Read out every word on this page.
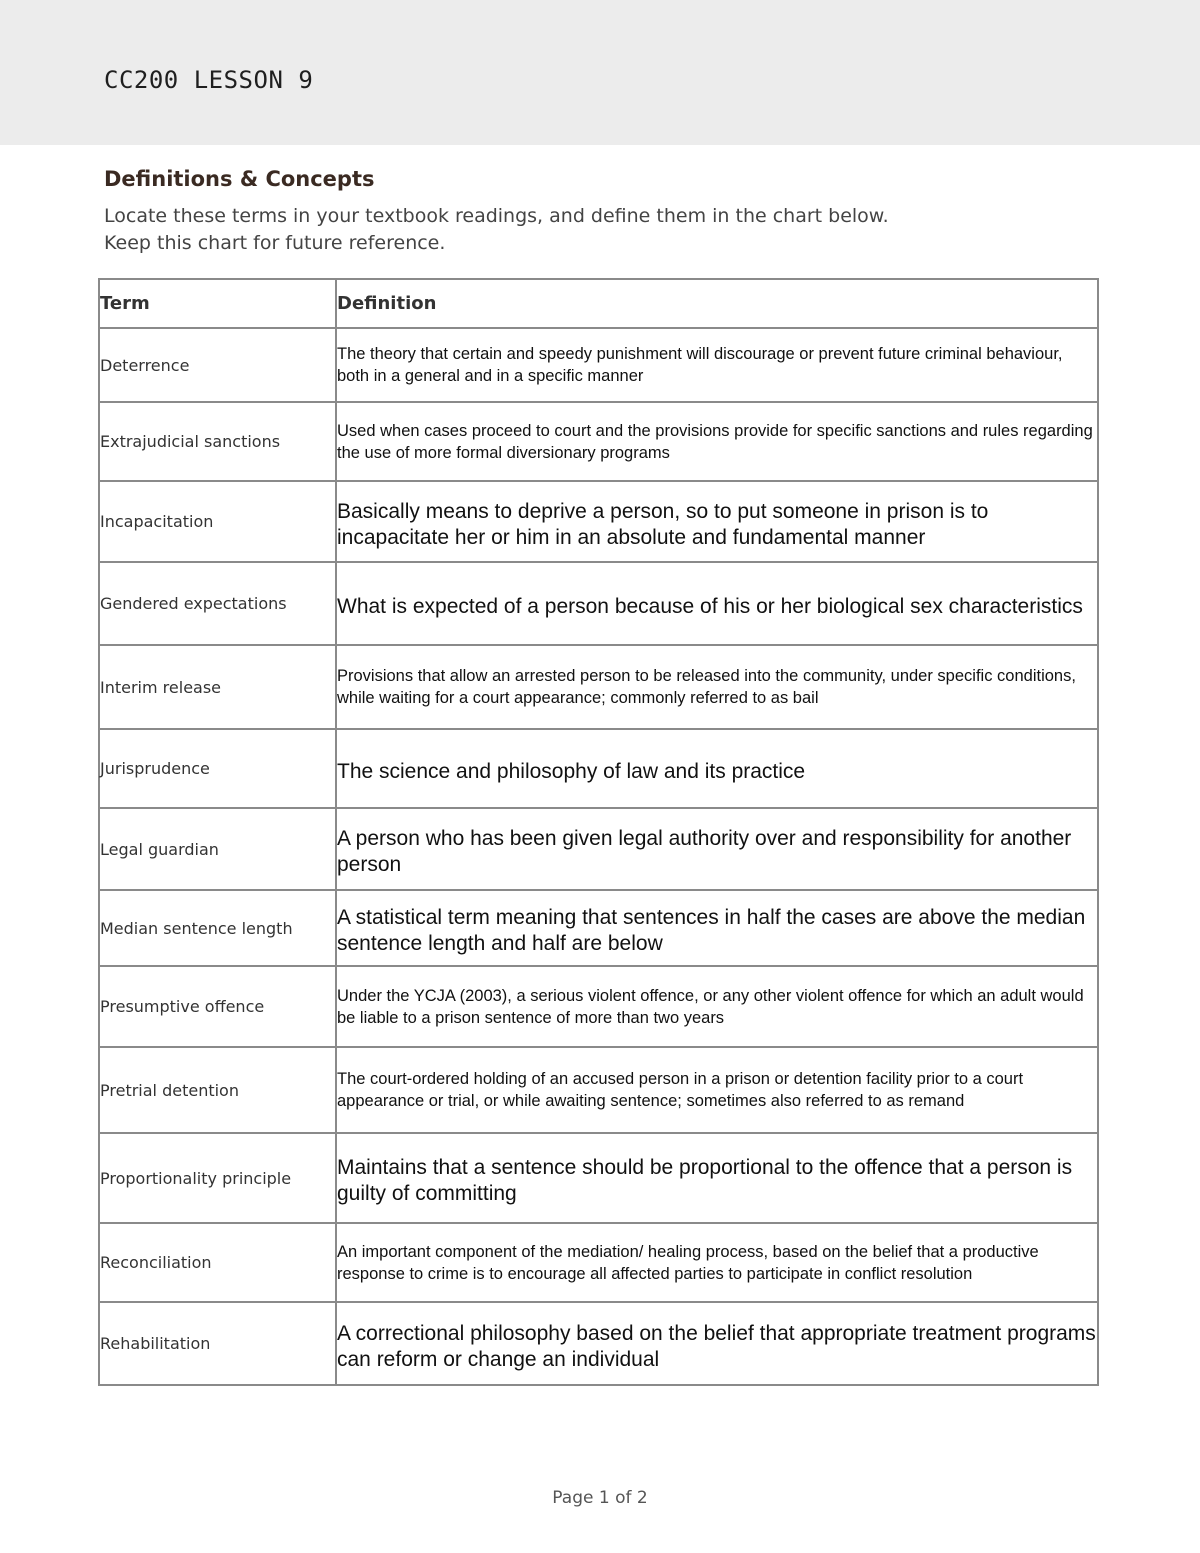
CC200 LESSON 9
Definitions & Concepts
Locate these terms in your textbook readings, and define them in the chart below.
Keep this chart for future reference.
Term	Definition
Deterrence	The theory that certain and speedy punishment will discourage or prevent future criminal behaviour, both in a general and in a specific manner
Extrajudicial sanctions	Used when cases proceed to court and the provisions provide for specific sanctions and rules regarding the use of more formal diversionary programs
Incapacitation	Basically means to deprive a person, so to put someone in prison is to incapacitate her or him in an absolute and fundamental manner
Gendered expectations	What is expected of a person because of his or her biological sex characteristics
Interim release	Provisions that allow an arrested person to be released into the community, under specific conditions, while waiting for a court appearance; commonly referred to as bail
Jurisprudence	The science and philosophy of law and its practice
Legal guardian	A person who has been given legal authority over and responsibility for another person
Median sentence length	A statistical term meaning that sentences in half the cases are above the median sentence length and half are below
Presumptive offence	Under the YCJA (2003), a serious violent offence, or any other violent offence for which an adult would be liable to a prison sentence of more than two years
Pretrial detention	The court-ordered holding of an accused person in a prison or detention facility prior to a court appearance or trial, or while awaiting sentence; sometimes also referred to as remand
Proportionality principle	Maintains that a sentence should be proportional to the offence that a person is guilty of committing
Reconciliation	An important component of the mediation/ healing process, based on the belief that a productive response to crime is to encourage all affected parties to participate in conflict resolution
Rehabilitation	A correctional philosophy based on the belief that appropriate treatment programs can reform or change an individual
Page 1 of 2
